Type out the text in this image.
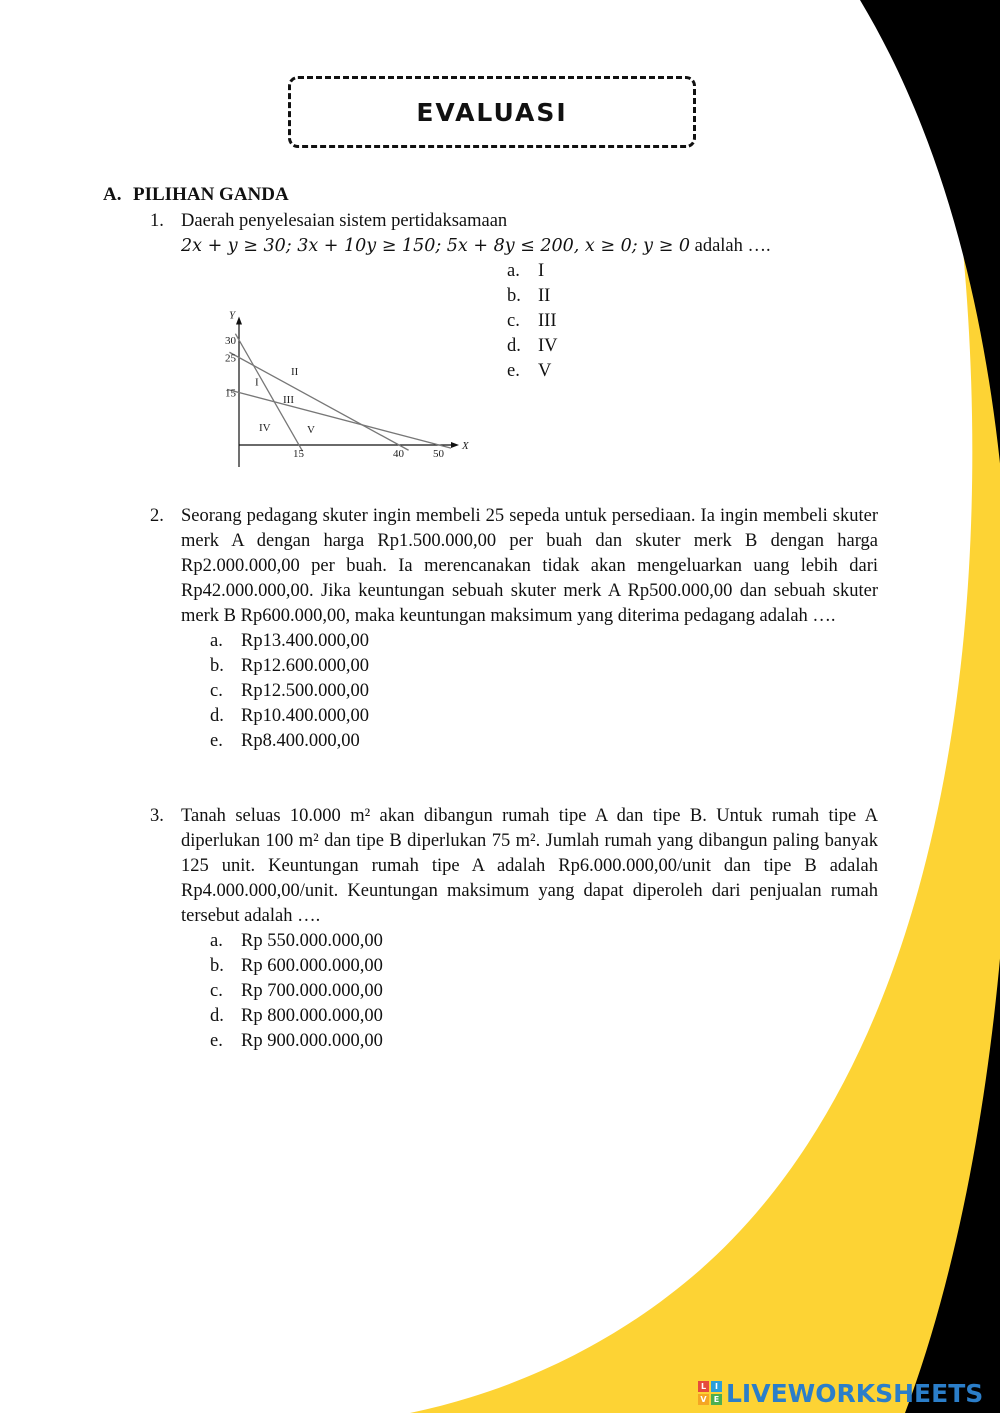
EVALUASI
A. PILIHAN GANDA
1. Daerah penyelesaian sistem pertidaksamaan
2x + y ≥ 30; 3x + 10y ≥ 150; 5x + 8y ≤ 200, x ≥ 0; y ≥ 0 adalah ….
a. I
b. II
c. III
d. IV
e. V
X
Y
15	40	50
30
25
15
I
II
III
IV	V
2. Seorang pedagang skuter ingin membeli 25 sepeda untuk persediaan. Ia ingin membeli skuter merk A dengan harga Rp1.500.000,00 per buah dan skuter merk B dengan harga Rp2.000.000,00 per buah. Ia merencanakan tidak akan mengeluarkan uang lebih dari Rp42.000.000,00. Jika keuntungan sebuah skuter merk A Rp500.000,00 dan sebuah skuter merk B Rp600.000,00, maka keuntungan maksimum yang diterima pedagang adalah ….
a. Rp13.400.000,00
b. Rp12.600.000,00
c. Rp12.500.000,00
d. Rp10.400.000,00
e. Rp8.400.000,00
3. Tanah seluas 10.000 m² akan dibangun rumah tipe A dan tipe B. Untuk rumah tipe A diperlukan 100 m² dan tipe B diperlukan 75 m². Jumlah rumah yang dibangun paling banyak 125 unit. Keuntungan rumah tipe A adalah Rp6.000.000,00/unit dan tipe B adalah Rp4.000.000,00/unit. Keuntungan maksimum yang dapat diperoleh dari penjualan rumah tersebut adalah ….
a. Rp 550.000.000,00
b. Rp 600.000.000,00
c. Rp 700.000.000,00
d. Rp 800.000.000,00
e. Rp 900.000.000,00
L	I
V E LIVEWORKSHEETS
